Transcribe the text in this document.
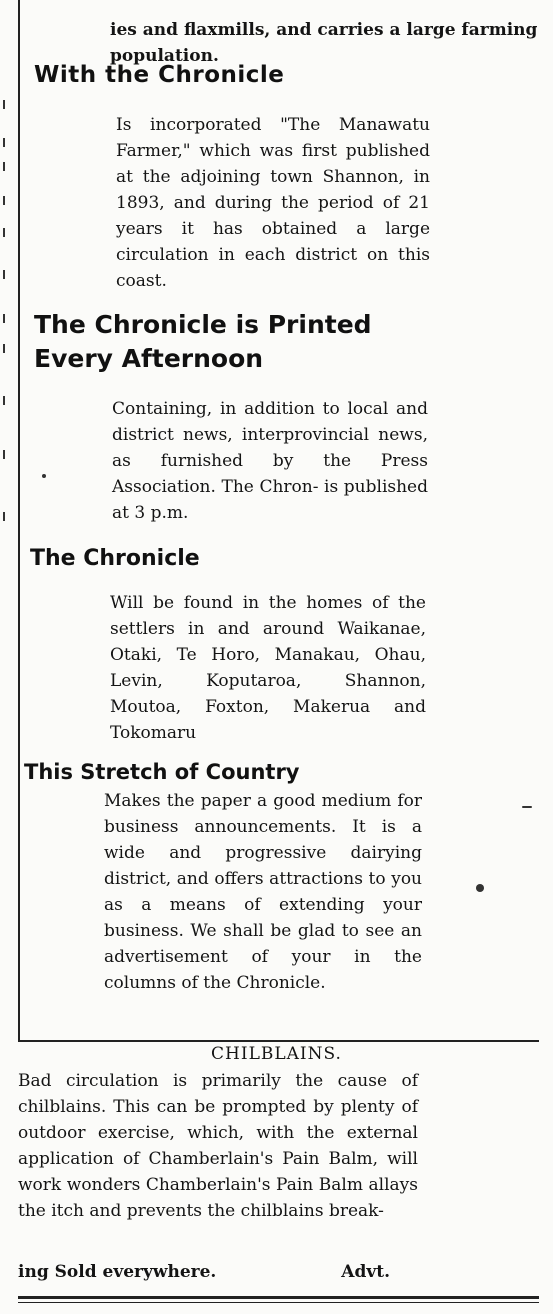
ies and flaxmills, and carries a large farming population.

With the Chronicle

Is incorporated "The Manawatu Farmer," which was first published at the adjoining town Shannon, in 1893, and during the period of 21 years it has obtained a large circulation in each district on this coast.

The Chronicle is Printed Every Afternoon

Containing, in addition to local and district news, interprovincial news, as furnished by the Press Association. The Chron- is published at 3 p.m.

The Chronicle

Will be found in the homes of the settlers in and around Waikanae, Otaki, Te Horo, Manakau, Ohau, Levin, Koputaroa, Shannon, Moutoa, Foxton, Makerua and Tokomaru

This Stretch of Country

Makes the paper a good medium for business announcements. It is a wide and progressive dairying district, and offers attractions to you as a means of extending your business. We shall be glad to see an advertisement of your in the columns of the Chronicle.

CHILBLAINS.

Bad circulation is primarily the cause of chilblains. This can be prompted by plenty of outdoor exercise, which, with the external application of Chamberlain's Pain Balm, will work wonders Chamberlain's Pain Balm allays the itch and prevents the chilblains break-

ing Sold everywhere.	Advt.
